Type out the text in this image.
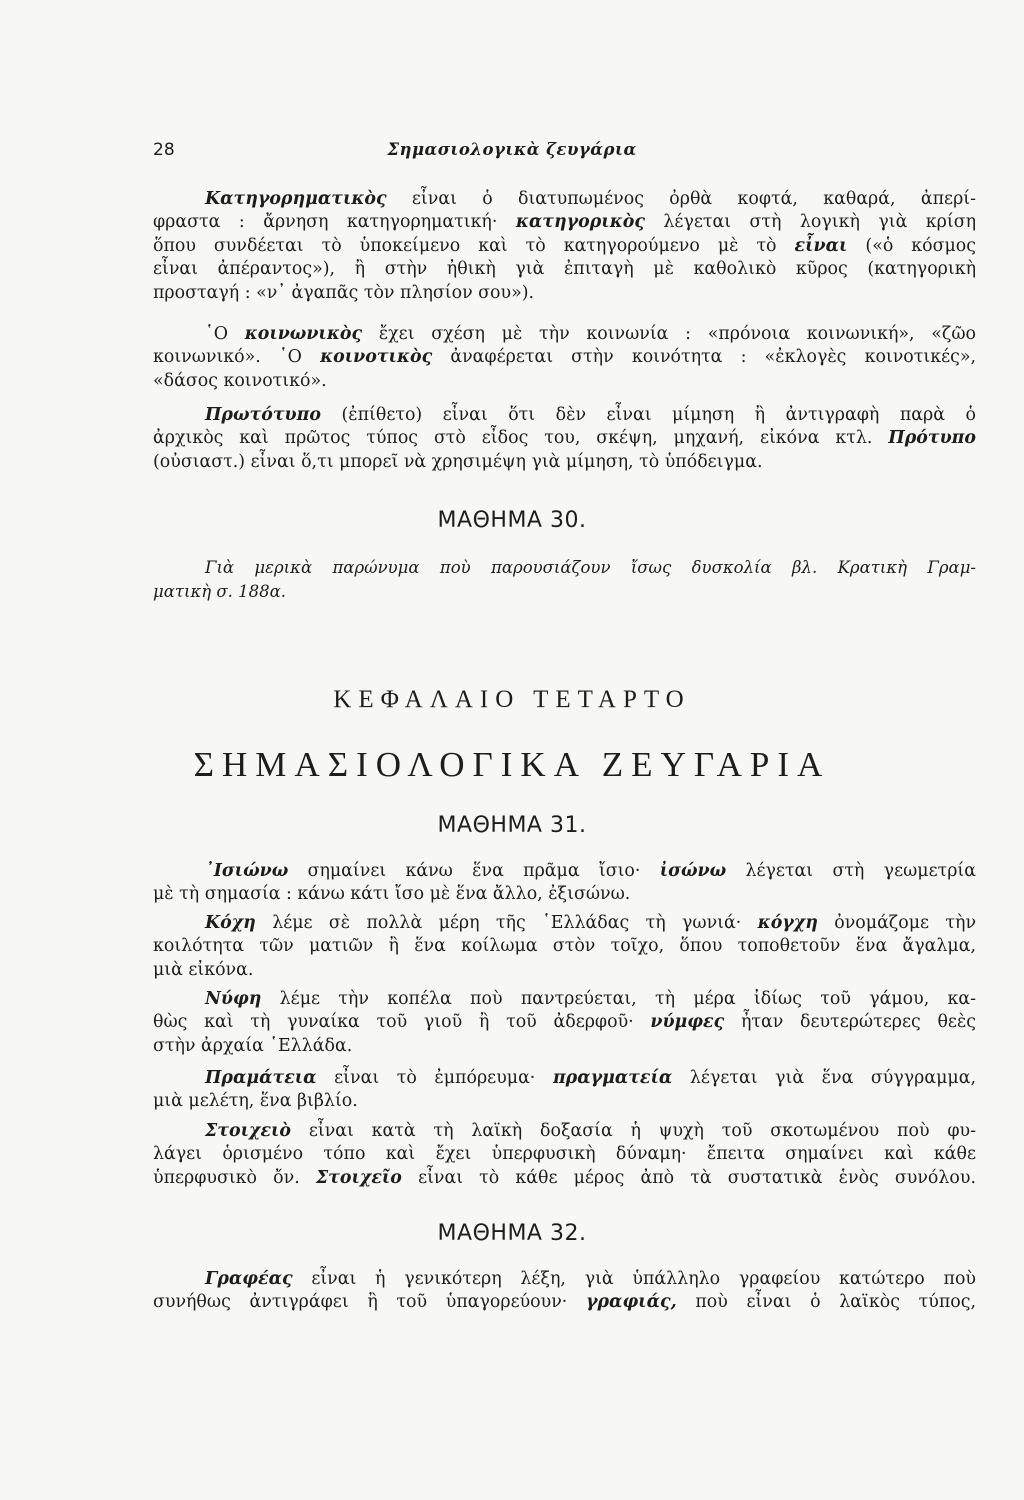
28	Σημασιολογικὰ ζευγάρια
Κατηγορηματικὸς εἶναι ὁ διατυπωμένος ὀρθὰ κοφτά, καθαρά, ἀπερί-
φραστα : ἄρνηση κατηγορηματική· κατηγορικὸς λέγεται στὴ λογικὴ γιὰ κρίση
ὅπου συνδέεται τὸ ὑποκείμενο καὶ τὸ κατηγορούμενο μὲ τὸ εἶναι («ὁ κόσμος
εἶναι ἀπέραντος»), ἢ στὴν ἠθικὴ γιὰ ἐπιταγὴ μὲ καθολικὸ κῦρος (κατηγορικὴ
προσταγή : «ν᾿ ἀγαπᾶς τὸν πλησίον σου»).
῾Ο κοινωνικὸς ἔχει σχέση μὲ τὴν κοινωνία : «πρόνοια κοινωνική», «ζῶο
κοινωνικό». ῾Ο κοινοτικὸς ἀναφέρεται στὴν κοινότητα : «ἐκλογὲς κοινοτικές»,
«δάσος κοινοτικό».
Πρωτότυπο (ἐπίθετο) εἶναι ὅτι δὲν εἶναι μίμηση ἢ ἀντιγραφὴ παρὰ ὁ
ἀρχικὸς καὶ πρῶτος τύπος στὸ εἶδος του, σκέψη, μηχανή, εἰκόνα κτλ. Πρότυπο
(οὐσιαστ.) εἶναι ὅ,τι μπορεῖ νὰ χρησιμέψη γιὰ μίμηση, τὸ ὑπόδειγμα.
ΜΑΘΗΜΑ 30.
Γιὰ μερικὰ παρώνυμα ποὺ παρουσιάζουν ἴσως δυσκολία βλ. Κρατικὴ Γραμ-
ματικὴ σ. 188α.
ΚΕΦΑΛΑΙΟ ΤΕΤΑΡΤΟ
ΣΗΜΑΣΙΟΛΟΓΙΚΑ ΖΕΥΓΑΡΙΑ
ΜΑΘΗΜΑ 31.
᾿Ισιώνω σημαίνει κάνω ἕνα πρᾶμα ἴσιο· ἰσώνω λέγεται στὴ γεωμετρία
μὲ τὴ σημασία : κάνω κάτι ἴσο μὲ ἕνα ἄλλο, ἐξισώνω.
Κόχη λέμε σὲ πολλὰ μέρη τῆς ῾Ελλάδας τὴ γωνιά· κόγχη ὀνομάζομε τὴν
κοιλότητα τῶν ματιῶν ἢ ἕνα κοίλωμα στὸν τοῖχο, ὅπου τοποθετοῦν ἕνα ἄγαλμα,
μιὰ εἰκόνα.
Νύφη λέμε τὴν κοπέλα ποὺ παντρεύεται, τὴ μέρα ἰδίως τοῦ γάμου, κα-
θὼς καὶ τὴ γυναίκα τοῦ γιοῦ ἢ τοῦ ἀδερφοῦ· νύμφες ἦταν δευτερώτερες θεὲς
στὴν ἀρχαία ῾Ελλάδα.
Πραμάτεια εἶναι τὸ ἐμπόρευμα· πραγματεία λέγεται γιὰ ἕνα σύγγραμμα,
μιὰ μελέτη, ἕνα βιβλίο.
Στοιχειὸ εἶναι κατὰ τὴ λαϊκὴ δοξασία ἡ ψυχὴ τοῦ σκοτωμένου ποὺ φυ-
λάγει ὁρισμένο τόπο καὶ ἔχει ὑπερφυσικὴ δύναμη· ἔπειτα σημαίνει καὶ κάθε
ὑπερφυσικὸ ὄν. Στοιχεῖο εἶναι τὸ κάθε μέρος ἀπὸ τὰ συστατικὰ ἑνὸς συνόλου.
ΜΑΘΗΜΑ 32.
Γραφέας εἶναι ἡ γενικότερη λέξη, γιὰ ὑπάλληλο γραφείου κατώτερο ποὺ
συνήθως ἀντιγράφει ἢ τοῦ ὑπαγορεύουν· γραφιάς, ποὺ εἶναι ὁ λαϊκὸς τύπος,
